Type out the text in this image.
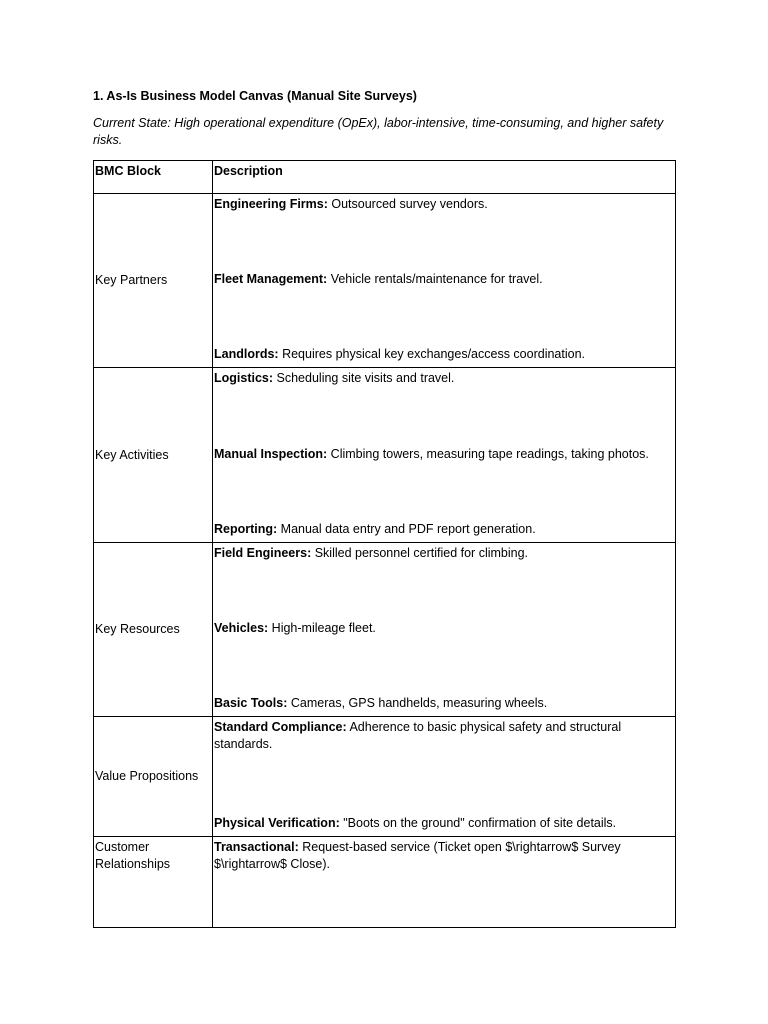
1. As-Is Business Model Canvas (Manual Site Surveys)
Current State: High operational expenditure (OpEx), labor-intensive, time-consuming, and higher safety risks.
BMC Block	Description
Key Partners	Engineering Firms: Outsourced survey vendors.
Fleet Management: Vehicle rentals/maintenance for travel.
Landlords: Requires physical key exchanges/access coordination.

Key Activities	Logistics: Scheduling site visits and travel.
Manual Inspection: Climbing towers, measuring tape readings, taking photos.
Reporting: Manual data entry and PDF report generation.

Key Resources	Field Engineers: Skilled personnel certified for climbing.
Vehicles: High-mileage fleet.
Basic Tools: Cameras, GPS handhelds, measuring wheels.

Value Propositions	Standard Compliance: Adherence to basic physical safety and structural standards.
Physical Verification: "Boots on the ground" confirmation of site details.

Customer Relationships	Transactional: Request-based service (Ticket open $\rightarrow$ Survey $\rightarrow$ Close).
